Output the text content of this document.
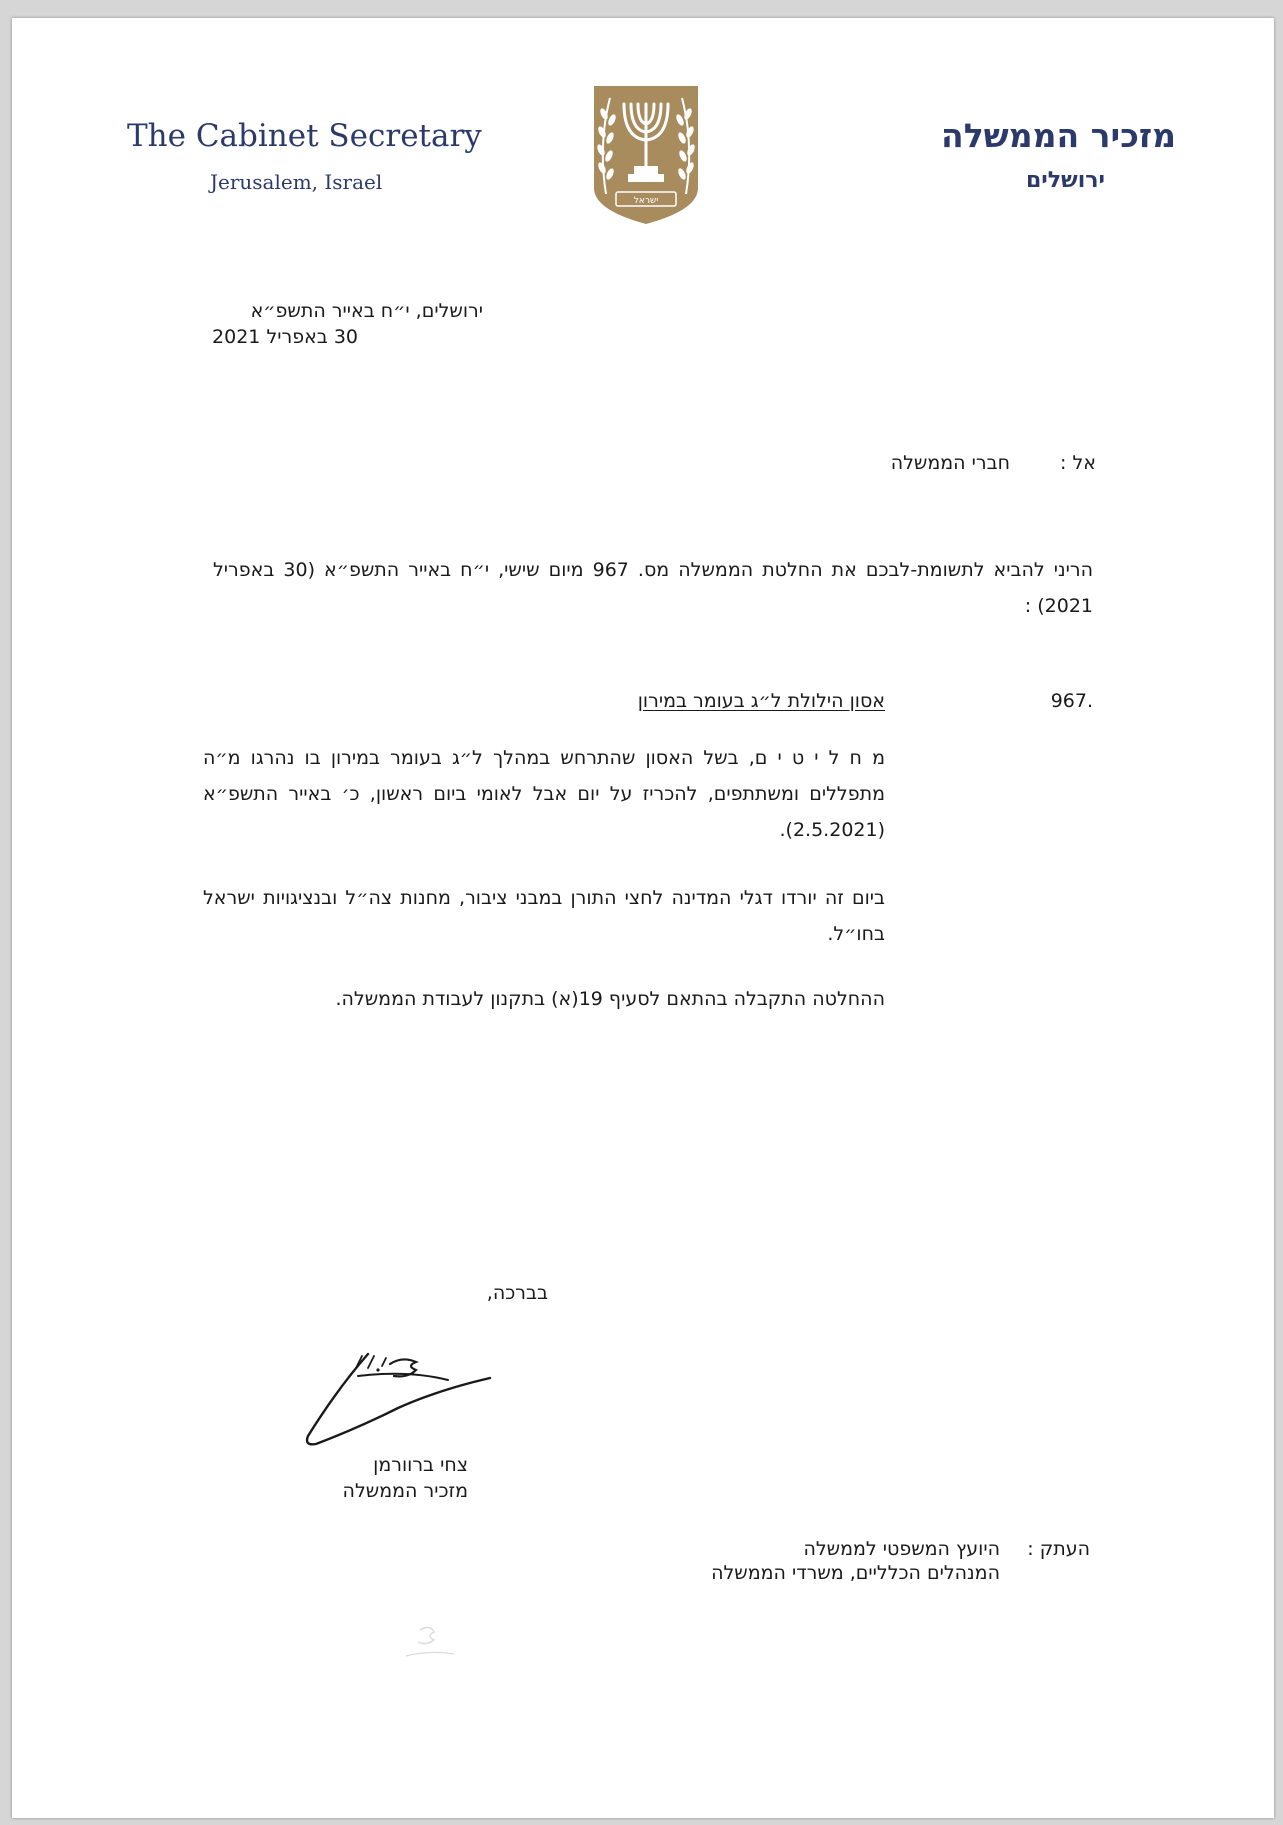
The Cabinet Secretary
Jerusalem, Israel
מזכיר הממשלה
ירושלים
ישראל
ירושלים, י״ח באייר התשפ״א
30 באפריל 2021
אל :
חברי הממשלה
הריני להביא לתשומת-לבכם את החלטת הממשלה מס. 967 מיום שישי, י״ח באייר התשפ״א (30 באפריל 2021) :
.967
אסון הילולת ל״ג בעומר במירון
מ ח ל י ט י ם, בשל האסון שהתרחש במהלך ל״ג בעומר במירון בו נהרגו מ״ה מתפללים ומשתתפים, להכריז על יום אבל לאומי ביום ראשון, כ׳ באייר התשפ״א (2.5.2021).
ביום זה יורדו דגלי המדינה לחצי התורן במבני ציבור, מחנות צה״ל ובנציגויות ישראל בחו״ל.
ההחלטה התקבלה בהתאם לסעיף 19(א) בתקנון לעבודת הממשלה.
בברכה,
צחי ברוורמן
מזכיר הממשלה
העתק :
היועץ המשפטי לממשלה
המנהלים הכלליים, משרדי הממשלה
